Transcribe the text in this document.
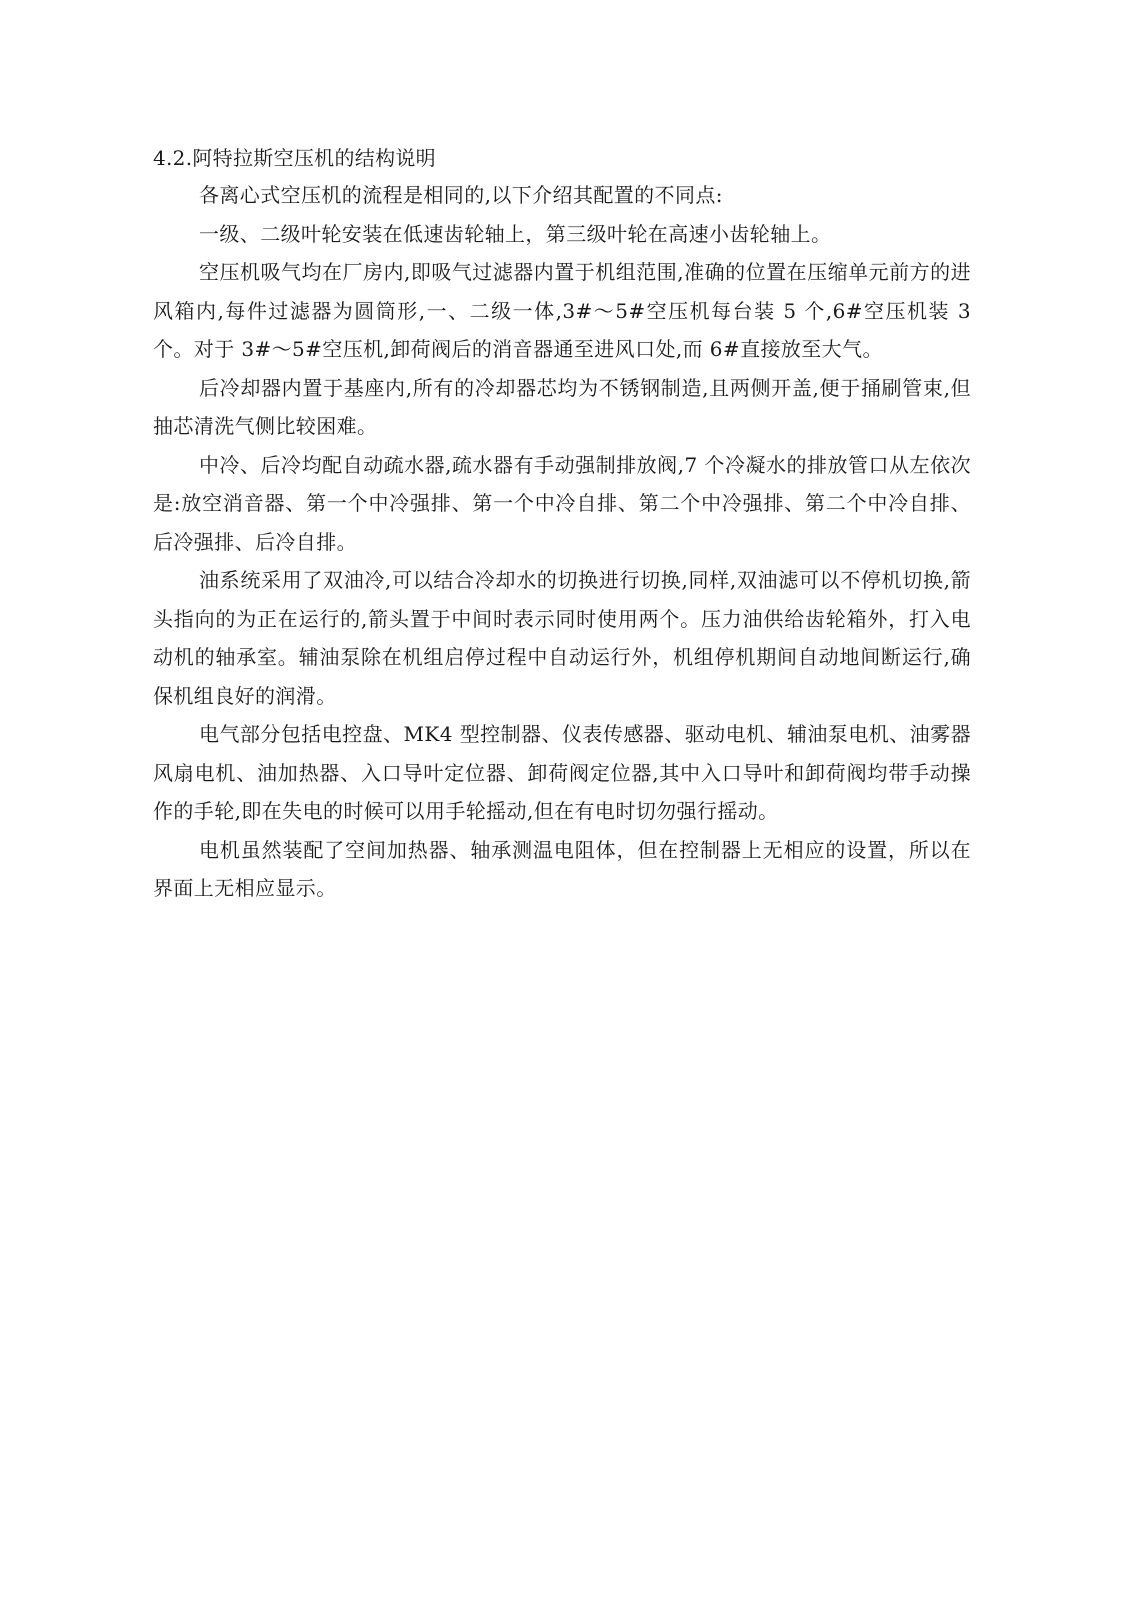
4.2.阿特拉斯空压机的结构说明

各离心式空压机的流程是相同的,以下介绍其配置的不同点:

一级、二级叶轮安装在低速齿轮轴上，第三级叶轮在高速小齿轮轴上。

空压机吸气均在厂房内,即吸气过滤器内置于机组范围,准确的位置在压缩单元前方的进风箱内,每件过滤器为圆筒形,一、二级一体,3#～5#空压机每台装 5 个,6#空压机装 3 个。对于 3#～5#空压机,卸荷阀后的消音器通至进风口处,而 6#直接放至大气。

后冷却器内置于基座内,所有的冷却器芯均为不锈钢制造,且两侧开盖,便于捅刷管束,但抽芯清洗气侧比较困难。

中冷、后冷均配自动疏水器,疏水器有手动强制排放阀,7 个冷凝水的排放管口从左依次是:放空消音器、第一个中冷强排、第一个中冷自排、第二个中冷强排、第二个中冷自排、后冷强排、后冷自排。

油系统采用了双油冷,可以结合冷却水的切换进行切换,同样,双油滤可以不停机切换,箭头指向的为正在运行的,箭头置于中间时表示同时使用两个。压力油供给齿轮箱外，打入电动机的轴承室。辅油泵除在机组启停过程中自动运行外，机组停机期间自动地间断运行,确保机组良好的润滑。

电气部分包括电控盘、MK4 型控制器、仪表传感器、驱动电机、辅油泵电机、油雾器风扇电机、油加热器、入口导叶定位器、卸荷阀定位器,其中入口导叶和卸荷阀均带手动操作的手轮,即在失电的时候可以用手轮摇动,但在有电时切勿强行摇动。

电机虽然装配了空间加热器、轴承测温电阻体，但在控制器上无相应的设置，所以在界面上无相应显示。
